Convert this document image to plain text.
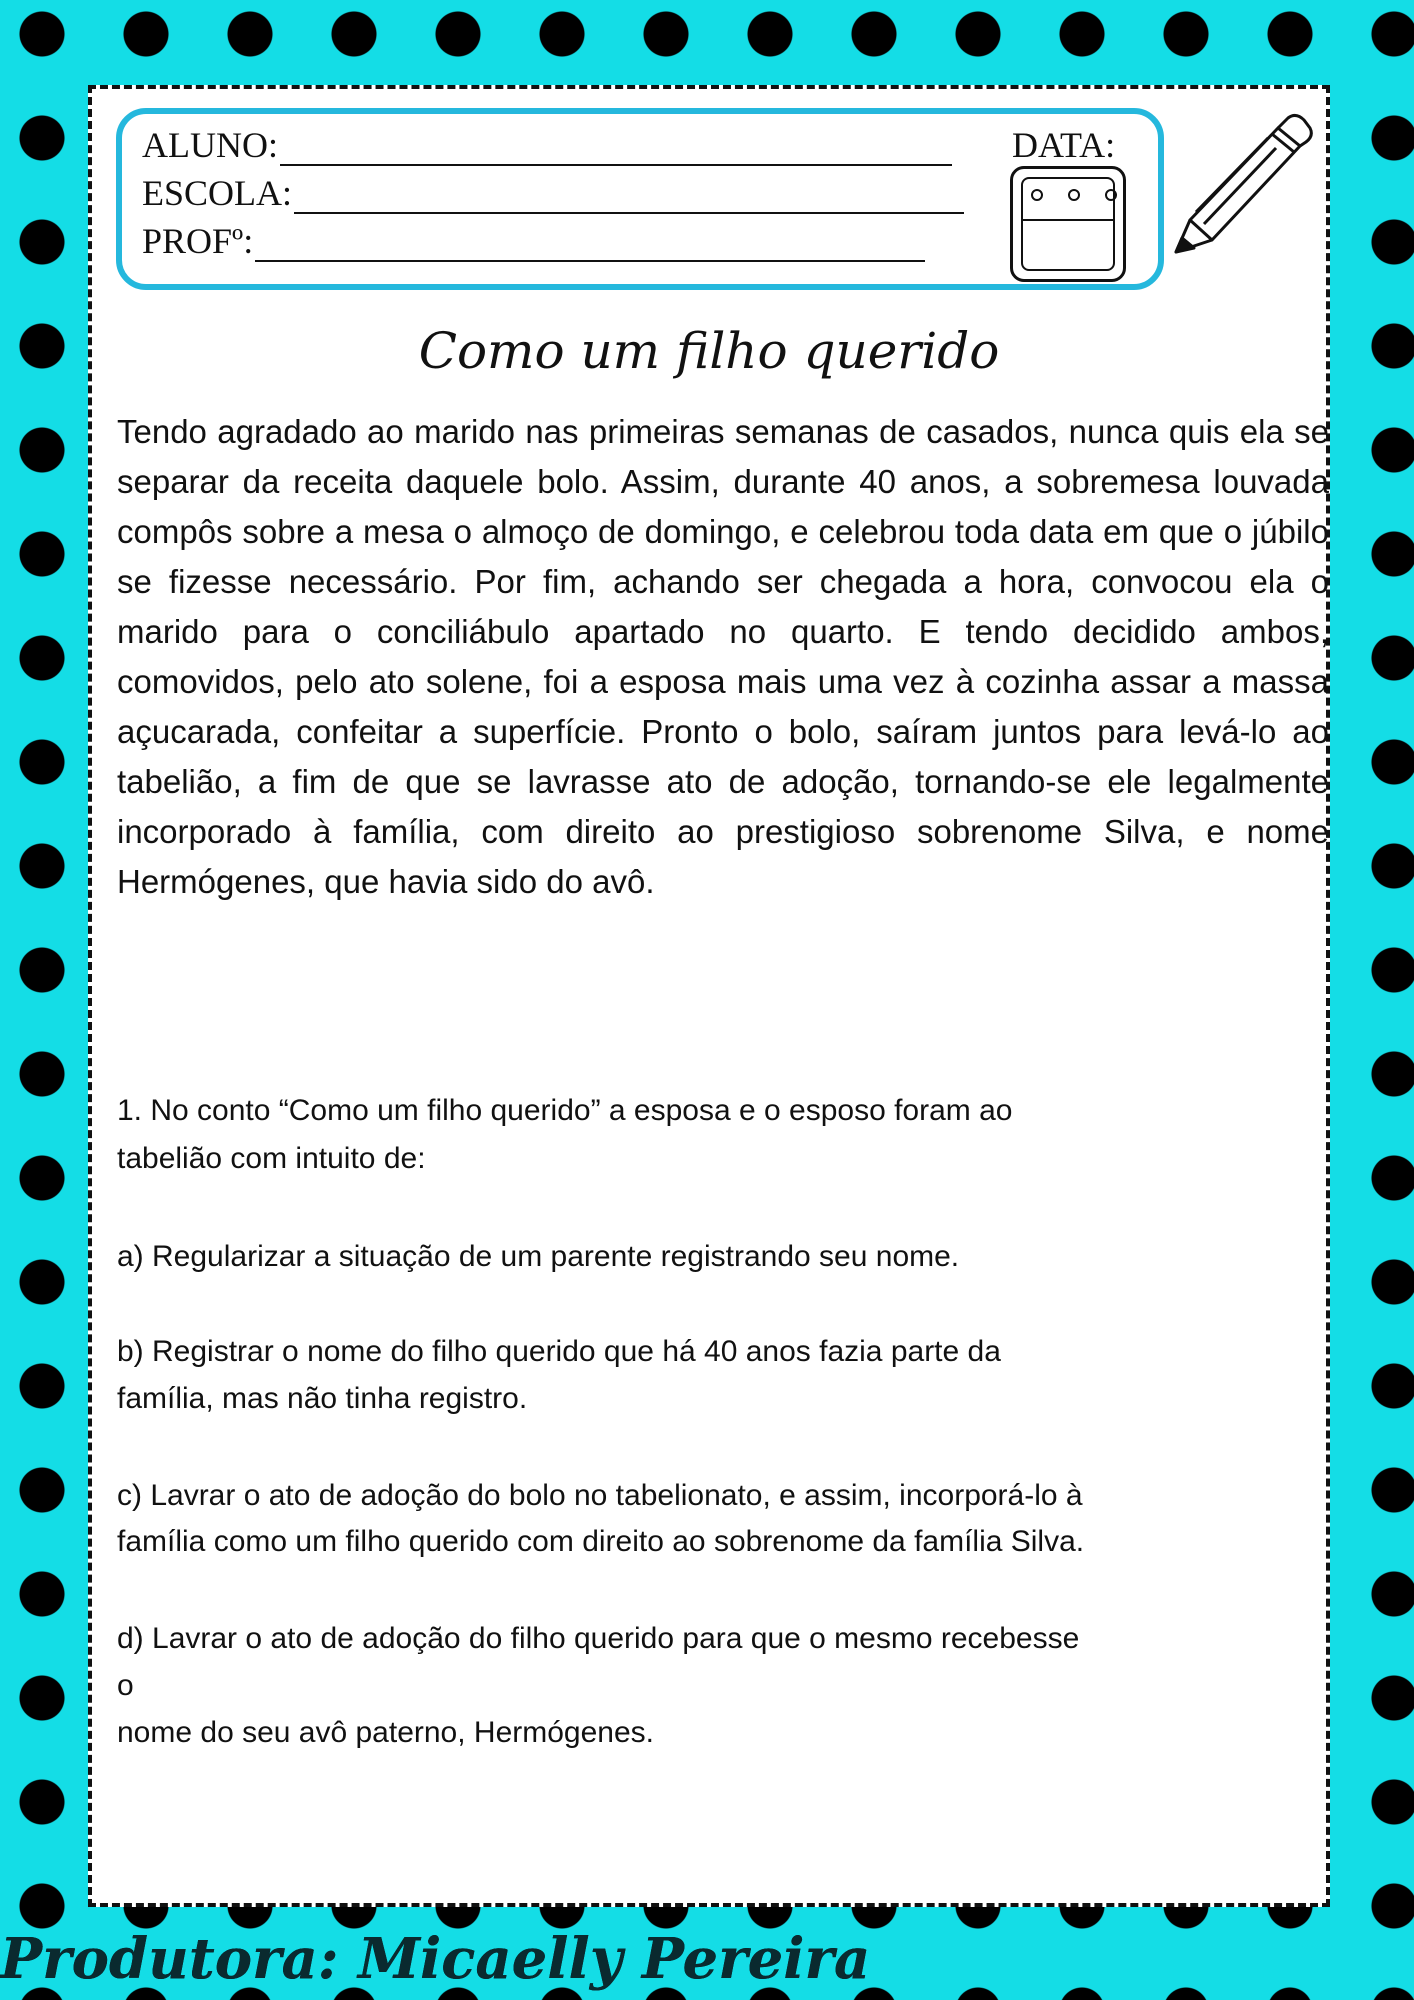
ALUNO:
ESCOLA:
PROFº:
DATA:
Como um filho querido

Tendo agradado ao marido nas primeiras semanas de casados, nunca quis ela se separar da receita daquele bolo. Assim, durante 40 anos, a sobremesa louvada compôs sobre a mesa o almoço de domingo, e celebrou toda data em que o júbilo se fizesse necessário. Por fim, achando ser chegada a hora, convocou ela o marido para o conciliábulo apartado no quarto. E tendo decidido ambos, comovidos, pelo ato solene, foi a esposa mais uma vez à cozinha assar a massa açucarada, confeitar a superfície. Pronto o bolo, saíram juntos para levá-lo ao tabelião, a fim de que se lavrasse ato de adoção, tornando-se ele legalmente incorporado à família, com direito ao prestigioso sobrenome Silva, e nome Hermógenes, que havia sido do avô.

1. No conto “Como um filho querido” a esposa e o esposo foram ao

tabelião com intuito de:

a) Regularizar a situação de um parente registrando seu nome.

b) Registrar o nome do filho querido que há 40 anos fazia parte da

família, mas não tinha registro.

c) Lavrar o ato de adoção do bolo no tabelionato, e assim, incorporá-lo à

família como um filho querido com direito ao sobrenome da família Silva.

d) Lavrar o ato de adoção do filho querido para que o mesmo recebesse

o

nome do seu avô paterno, Hermógenes.

Produtora: Micaelly Pereira
